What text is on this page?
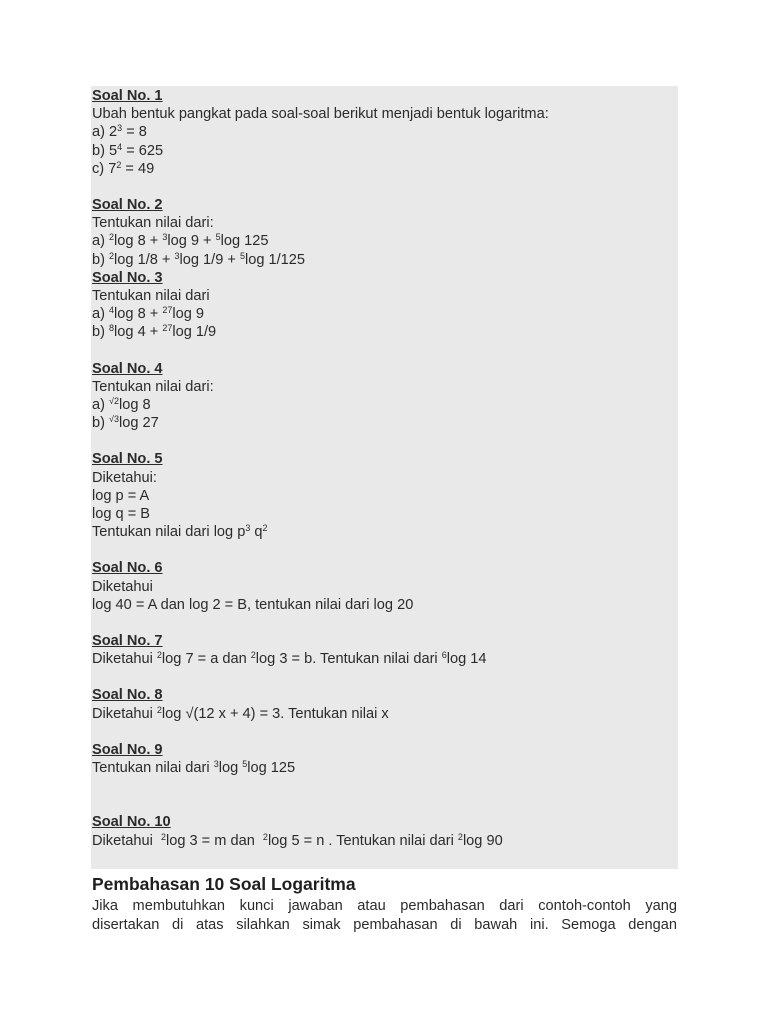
Soal No. 1
Ubah bentuk pangkat pada soal-soal berikut menjadi bentuk logaritma:
a) $2^3 = 8$
b) $5^4 = 625$
c) $7^2 = 49$
Soal No. 2
Tentukan nilai dari:
a) $^2$log 8 + $^3$log 9 + $^5$log 125
b) $^2$log 1/8 + $^3$log 1/9 + $^5$log 1/125
Soal No. 3
Tentukan nilai dari
a) $^4$log 8 + $^{27}$log 9
b) $^8$log 4 + $^{27}$log 1/9
Soal No. 4
Tentukan nilai dari:
a) $^{√2}$log 8
b) $^{√3}$log 27
Soal No. 5
Diketahui:
log p = A
log q = B
Tentukan nilai dari $\log p^3$ $q^2$
Soal No. 6
Diketahui
log 40 = A dan log 2 = B, tentukan nilai dari log 20
Soal No. 7
Diketahui $^2$log 7 = a dan $^2$log 3 = b. Tentukan nilai dari $^6$log 14
Soal No. 8
Diketahui $^2$log √(12 x + 4) = 3. Tentukan nilai x
Soal No. 9
Tentukan nilai dari $^3$log $^5$log 125
Soal No. 10
Diketahui  $^2$log 3 = m dan  $^2$log 5 = n . Tentukan nilai dari $^2$log 90
Pembahasan 10 Soal Logaritma
Jika membutuhkan kunci jawaban atau pembahasan dari contoh-contoh yang
disertakan di atas silahkan simak pembahasan di bawah ini. Semoga dengan
